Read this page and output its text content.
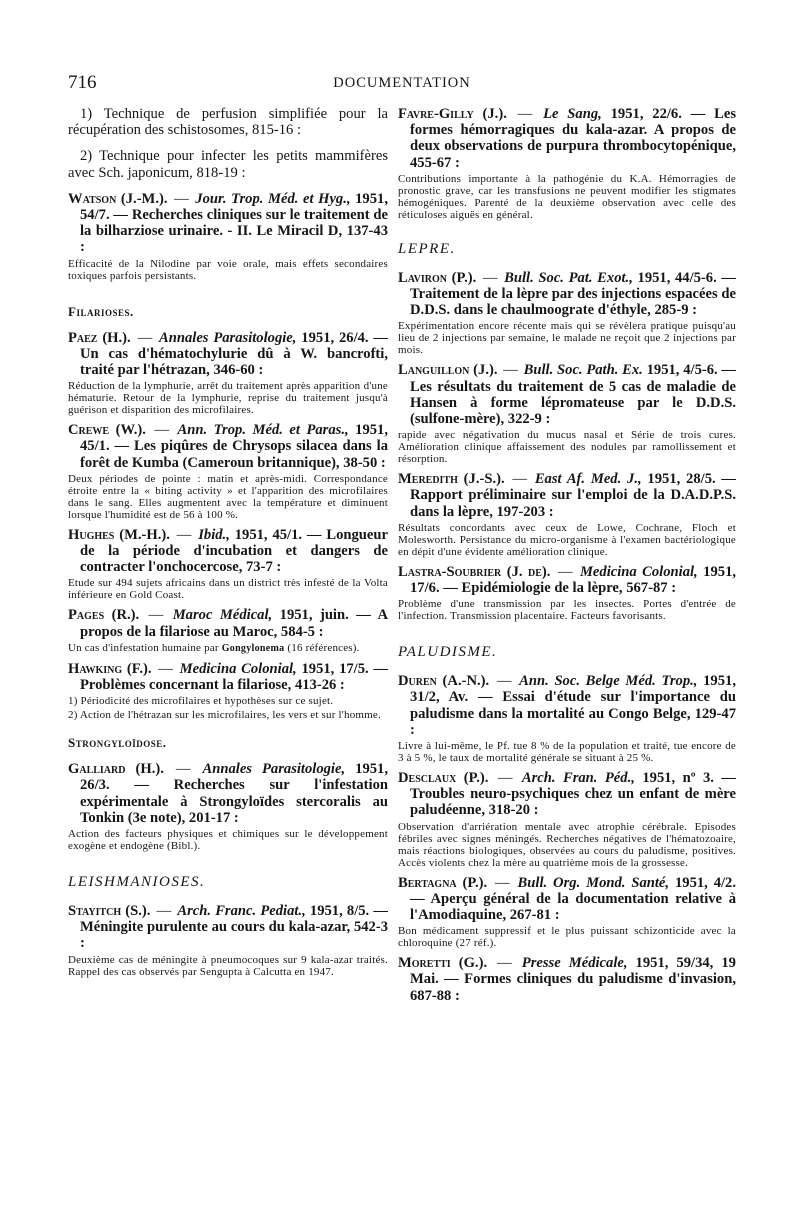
716	DOCUMENTATION
1) Technique de perfusion simplifiée pour la récupération des schistosomes, 815-16 :
2) Technique pour infecter les petits mammifères avec Sch. japonicum, 818-19 :
Watson (J.-M.). — Jour. Trop. Méd. et Hyg., 1951, 54/7. — Recherches cliniques sur le traitement de la bilharziose urinaire. - II. Le Miracil D, 137-43 :
Efficacité de la Nilodine par voie orale, mais effets secondaires toxiques parfois persistants.
Filarioses.
Paez (H.). — Annales Parasitologie, 1951, 26/4. — Un cas d'hématochylurie dû à W. bancrofti, traité par l'hétrazan, 346-60 :
Réduction de la lymphurie, arrêt du traitement après apparition d'une hématurie. Retour de la lymphurie, reprise du traitement jusqu'à guérison et disparition des microfilaires.
Crewe (W.). — Ann. Trop. Méd. et Paras., 1951, 45/1. — Les piqûres de Chrysops silacea dans la forêt de Kumba (Cameroun britannique), 38-50 :
Deux périodes de pointe : matin et après-midi. Correspondance étroite entre la « biting activity » et l'apparition des microfilaires dans le sang. Elles augmentent avec la température et diminuent lorsque l'humidité est de 56 à 100 %.
Hughes (M.-H.). — Ibid., 1951, 45/1. — Longueur de la période d'incubation et dangers de contracter l'onchocercose, 73-7 :
Etude sur 494 sujets africains dans un district très infesté de la Volta inférieure en Gold Coast.
Pages (R.). — Maroc Médical, 1951, juin. — A propos de la filariose au Maroc, 584-5 :
Un cas d'infestation humaine par Gongylonema (16 références).
Hawking (F.). — Medicina Colonial, 1951, 17/5. — Problèmes concernant la filariose, 413-26 :
1) Périodicité des microfilaires et hypothèses sur ce sujet.
2) Action de l'hétrazan sur les microfilaires, les vers et sur l'homme.
Strongyloïdose.
Galliard (H.). — Annales Parasitologie, 1951, 26/3. — Recherches sur l'infestation expérimentale à Strongyloïdes stercoralis au Tonkin (3e note), 201-17 :
Action des facteurs physiques et chimiques sur le développement exogène et endogène (Bibl.).
LEISHMANIOSES.
Stayitch (S.). — Arch. Franc. Pediat., 1951, 8/5. — Méningite purulente au cours du kala-azar, 542-3 :
Deuxième cas de méningite à pneumocoques sur 9 kala-azar traités. Rappel des cas observés par Sengupta à Calcutta en 1947.
Favre-Gilly (J.). — Le Sang, 1951, 22/6. — Les formes hémorragiques du kala-azar. A propos de deux observations de purpura thrombocytopénique, 455-67 :
Contributions importante à la pathogénie du K.A. Hémorragies de pronostic grave, car les transfusions ne peuvent modifier les stigmates hémogéniques. Parenté de la deuxième observation avec celle des réticuloses aiguës en général.
LEPRE.
Laviron (P.). — Bull. Soc. Pat. Exot., 1951, 44/5-6. — Traitement de la lèpre par des injections espacées de D.D.S. dans le chaulmoograte d'éthyle, 285-9 :
Expérimentation encore récente mais qui se révèlera pratique puisqu'au lieu de 2 injections par semaine, le malade ne reçoit que 2 injections par mois.
Languillon (J.). — Bull. Soc. Path. Ex. 1951, 4/5-6. — Les résultats du traitement de 5 cas de maladie de Hansen à forme lépromateuse par le D.D.S. (sulfone-mère), 322-9 :
rapide avec négativation du mucus nasal et Série de trois cures. Amélioration clinique affaissement des nodules par ramollissement et résorption.
Meredith (J.-S.). — East Af. Med. J., 1951, 28/5. — Rapport préliminaire sur l'emploi de la D.A.D.P.S. dans la lèpre, 197-203 :
Résultats concordants avec ceux de Lowe, Cochrane, Floch et Molesworth. Persistance du micro-organisme à l'examen bactériologique en dépit d'une évidente amélioration clinique.
Lastra-Soubrier (J. de). — Medicina Colonial, 1951, 17/6. — Epidémiologie de la lèpre, 567-87 :
Problème d'une transmission par les insectes. Portes d'entrée de l'infection. Transmission placentaire. Facteurs favorisants.
PALUDISME.
Duren (A.-N.). — Ann. Soc. Belge Méd. Trop., 1951, 31/2, Av. — Essai d'étude sur l'importance du paludisme dans la mortalité au Congo Belge, 129-47 :
Livre à lui-même, le Pf. tue 8 % de la population et traité, tue encore de 3 à 5 %, le taux de mortalité générale se situant à 25 %.
Desclaux (P.). — Arch. Fran. Péd., 1951, nº 3. — Troubles neuro-psychiques chez un enfant de mère paludéenne, 318-20 :
Observation d'arriération mentale avec atrophie cérébrale. Episodes fébriles avec signes méningés. Recherches négatives de l'hématozoaire, mais réactions biologiques, observées au cours du paludisme, positives. Accès violents chez la mère au quatrième mois de la grossesse.
Bertagna (P.). — Bull. Org. Mond. Santé, 1951, 4/2. — Aperçu général de la documentation relative à l'Amodiaquine, 267-81 :
Bon médicament suppressif et le plus puissant schizonticide avec la chloroquine (27 réf.).
Moretti (G.). — Presse Médicale, 1951, 59/34, 19 Mai. — Formes cliniques du paludisme d'invasion, 687-88 :
